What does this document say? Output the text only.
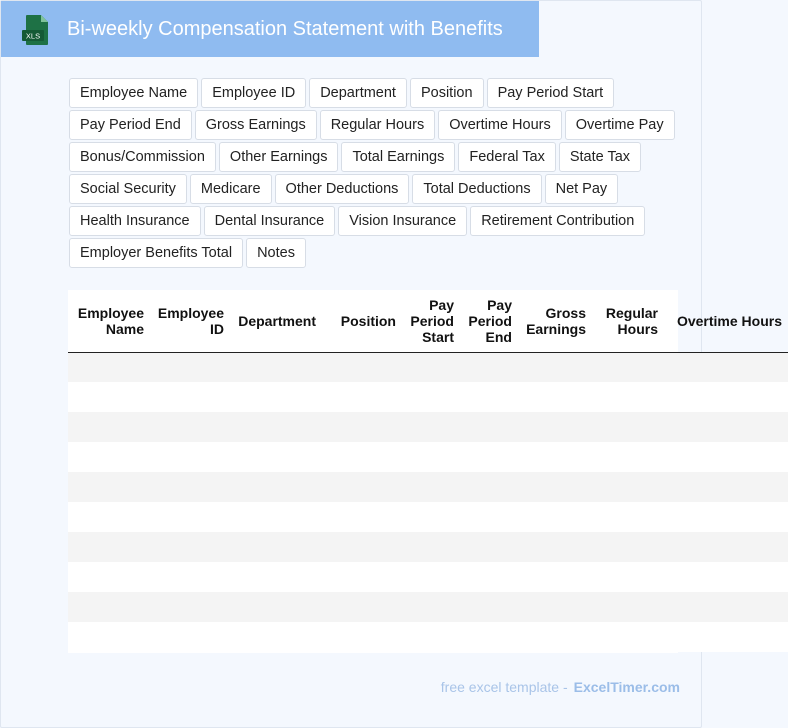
XLS Bi-weekly Compensation Statement with Benefits
Employee Name	Employee ID	Department	Position	Pay Period Start
Pay Period End	Gross Earnings	Regular Hours	Overtime Hours	Overtime Pay
Bonus/Commission	Other Earnings	Total Earnings	Federal Tax	State Tax
Social Security	Medicare	Other Deductions	Total Deductions	Net Pay
Health Insurance	Dental Insurance	Vision Insurance	Retirement Contribution
Employer Benefits Total	Notes
Employee Name	Employee ID	Department	Position	Pay Period Start	Pay Period End	Gross Earnings	Regular Hours	Overtime Hours

free excel template - ExcelTimer.com
